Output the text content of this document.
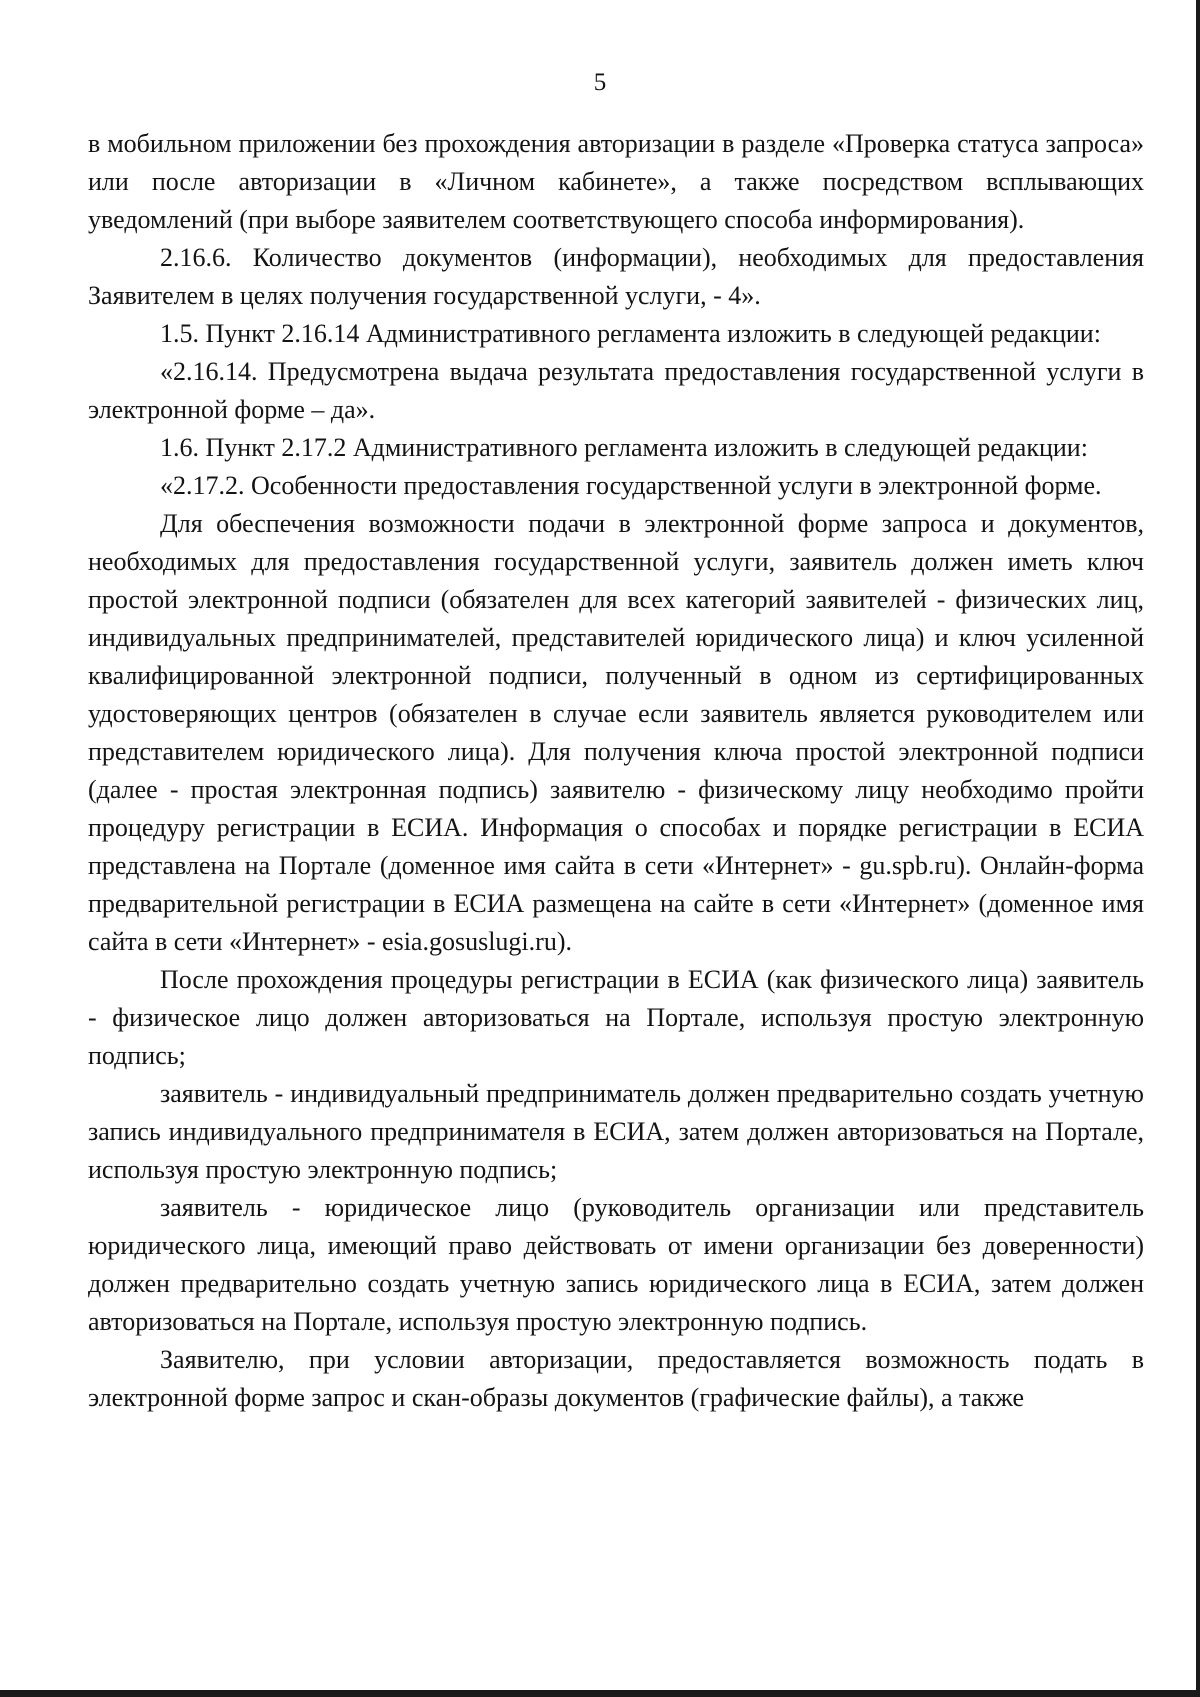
5

в мобильном приложении без прохождения авторизации в разделе «Проверка статуса запроса» или после авторизации в «Личном кабинете», а также посредством всплывающих уведомлений (при выборе заявителем соответствующего способа информирования).

2.16.6. Количество документов (информации), необходимых для предоставления Заявителем в целях получения государственной услуги, - 4».

1.5. Пункт 2.16.14 Административного регламента изложить в следующей редакции:

«2.16.14. Предусмотрена выдача результата предоставления государственной услуги в электронной форме – да».

1.6. Пункт 2.17.2 Административного регламента изложить в следующей редакции:

«2.17.2. Особенности предоставления государственной услуги в электронной форме.

Для обеспечения возможности подачи в электронной форме запроса и документов, необходимых для предоставления государственной услуги, заявитель должен иметь ключ простой электронной подписи (обязателен для всех категорий заявителей - физических лиц, индивидуальных предпринимателей, представителей юридического лица) и ключ усиленной квалифицированной электронной подписи, полученный в одном из сертифицированных удостоверяющих центров (обязателен в случае если заявитель является руководителем или представителем юридического лица). Для получения ключа простой электронной подписи (далее - простая электронная подпись) заявителю - физическому лицу необходимо пройти процедуру регистрации в ЕСИА. Информация о способах и порядке регистрации в ЕСИА представлена на Портале (доменное имя сайта в сети «Интернет» - gu.spb.ru). Онлайн-форма предварительной регистрации в ЕСИА размещена на сайте в сети «Интернет» (доменное имя сайта в сети «Интернет» - esia.gosuslugi.ru).

После прохождения процедуры регистрации в ЕСИА (как физического лица) заявитель - физическое лицо должен авторизоваться на Портале, используя простую электронную подпись;

заявитель - индивидуальный предприниматель должен предварительно создать учетную запись индивидуального предпринимателя в ЕСИА, затем должен авторизоваться на Портале, используя простую электронную подпись;

заявитель - юридическое лицо (руководитель организации или представитель юридического лица, имеющий право действовать от имени организации без доверенности) должен предварительно создать учетную запись юридического лица в ЕСИА, затем должен авторизоваться на Портале, используя простую электронную подпись.

Заявителю, при условии авторизации, предоставляется возможность подать в электронной форме запрос и скан-образы документов (графические файлы), а также
